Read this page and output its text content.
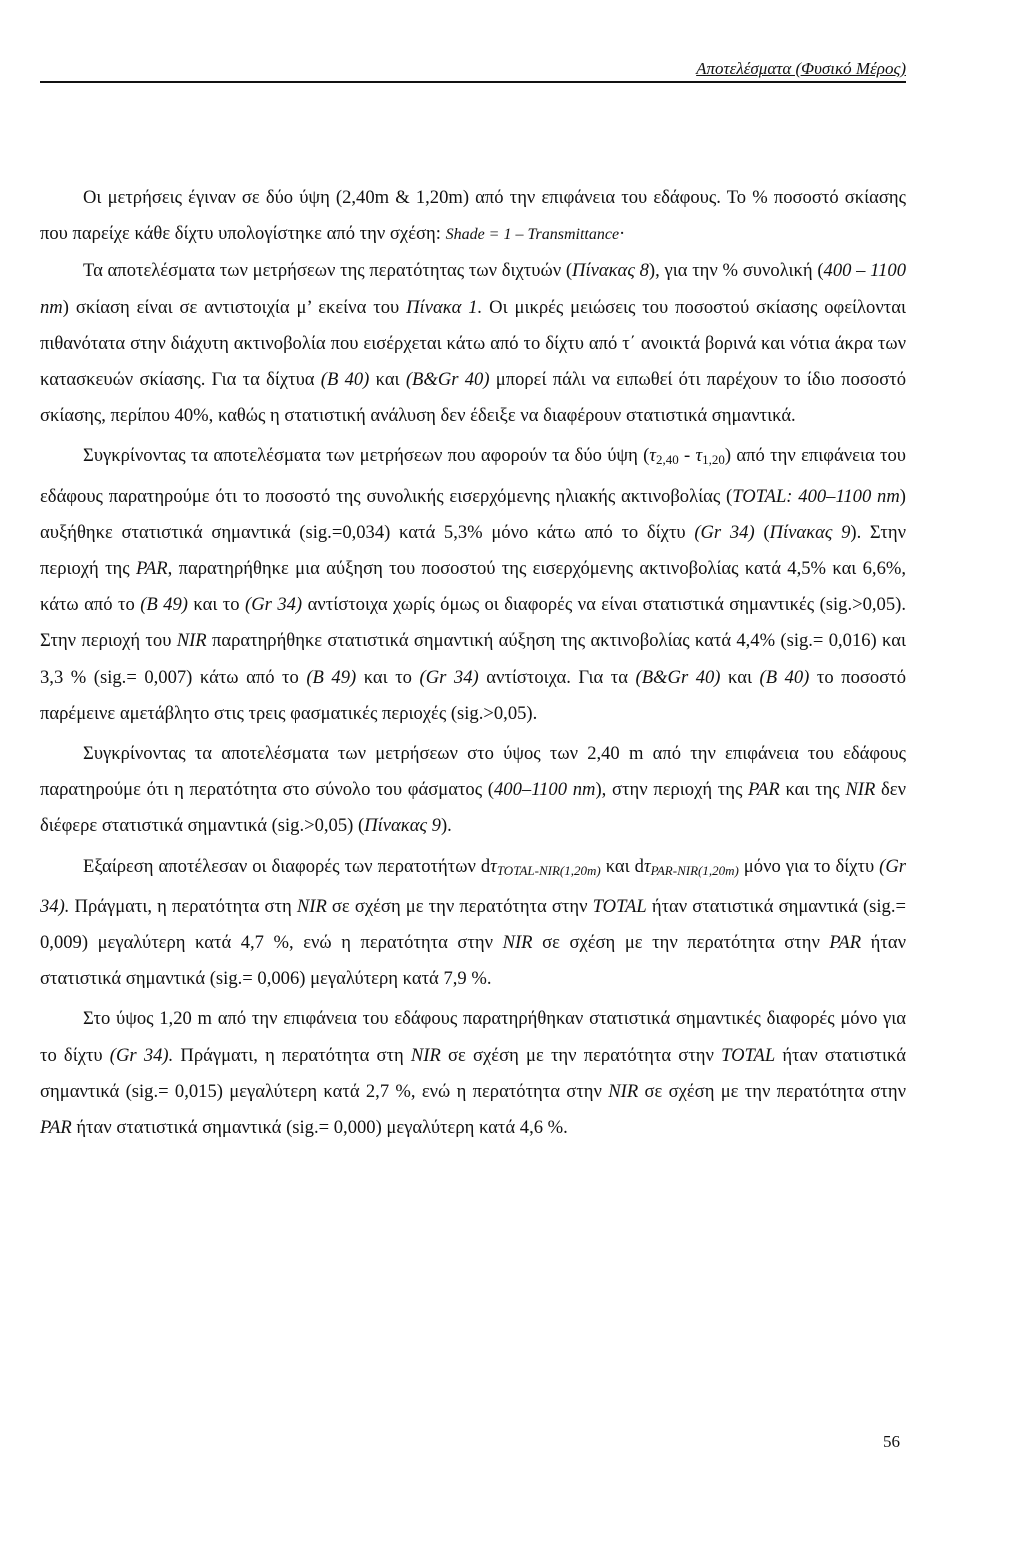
Αποτελέσματα (Φυσικό Μέρος)

Οι μετρήσεις έγιναν σε δύο ύψη (2,40m & 1,20m) από την επιφάνεια του εδάφους. Το % ποσοστό σκίασης που παρείχε κάθε δίχτυ υπολογίστηκε από την σχέση: Shade = 1 – Transmittance·

Τα αποτελέσματα των μετρήσεων της περατότητας των διχτυών (Πίνακας 8), για την % συνολική (400 – 1100 nm) σκίαση είναι σε αντιστοιχία μ’ εκείνα του Πίνακα 1. Οι μικρές μειώσεις του ποσοστού σκίασης οφείλονται πιθανότατα στην διάχυτη ακτινοβολία που εισέρχεται κάτω από το δίχτυ από τ΄ ανοικτά βορινά και νότια άκρα των κατασκευών σκίασης. Για τα δίχτυα (B 40) και (B&Gr 40) μπορεί πάλι να ειπωθεί ότι παρέχουν το ίδιο ποσοστό σκίασης, περίπου 40%, καθώς η στατιστική ανάλυση δεν έδειξε να διαφέρουν στατιστικά σημαντικά.

Συγκρίνοντας τα αποτελέσματα των μετρήσεων που αφορούν τα δύο ύψη (τ2,40 - τ1,20) από την επιφάνεια του εδάφους παρατηρούμε ότι το ποσοστό της συνολικής εισερχόμενης ηλιακής ακτινοβολίας (TOTAL: 400–1100 nm) αυξήθηκε στατιστικά σημαντικά (sig.=0,034) κατά 5,3% μόνο κάτω από το δίχτυ (Gr 34) (Πίνακας 9). Στην περιοχή της PAR, παρατηρήθηκε μια αύξηση του ποσοστού της εισερχόμενης ακτινοβολίας κατά 4,5% και 6,6%, κάτω από το (B 49) και το (Gr 34) αντίστοιχα χωρίς όμως οι διαφορές να είναι στατιστικά σημαντικές (sig.>0,05). Στην περιοχή του NIR παρατηρήθηκε στατιστικά σημαντική αύξηση της ακτινοβολίας κατά 4,4% (sig.= 0,016) και 3,3 % (sig.= 0,007) κάτω από το (B 49) και το (Gr 34) αντίστοιχα. Για τα (B&Gr 40) και (B 40) το ποσοστό παρέμεινε αμετάβλητο στις τρεις φασματικές περιοχές (sig.>0,05).

Συγκρίνοντας τα αποτελέσματα των μετρήσεων στο ύψος των 2,40 m από την επιφάνεια του εδάφους παρατηρούμε ότι η περατότητα στο σύνολο του φάσματος (400–1100 nm), στην περιοχή της PAR και της NIR δεν διέφερε στατιστικά σημαντικά (sig.>0,05) (Πίνακας 9).

Εξαίρεση αποτέλεσαν οι διαφορές των περατοτήτων dτTOTAL-NIR(1,20m) και dτPAR-NIR(1,20m) μόνο για το δίχτυ (Gr 34). Πράγματι, η περατότητα στη NIR σε σχέση με την περατότητα στην TOTAL ήταν στατιστικά σημαντικά (sig.= 0,009) μεγαλύτερη κατά 4,7 %, ενώ η περατότητα στην NIR σε σχέση με την περατότητα στην PAR ήταν στατιστικά σημαντικά (sig.= 0,006) μεγαλύτερη κατά 7,9 %.

Στο ύψος 1,20 m από την επιφάνεια του εδάφους παρατηρήθηκαν στατιστικά σημαντικές διαφορές μόνο για το δίχτυ (Gr 34). Πράγματι, η περατότητα στη NIR σε σχέση με την περατότητα στην TOTAL ήταν στατιστικά σημαντικά (sig.= 0,015) μεγαλύτερη κατά 2,7 %, ενώ η περατότητα στην NIR σε σχέση με την περατότητα στην PAR ήταν στατιστικά σημαντικά (sig.= 0,000) μεγαλύτερη κατά 4,6 %.

56
